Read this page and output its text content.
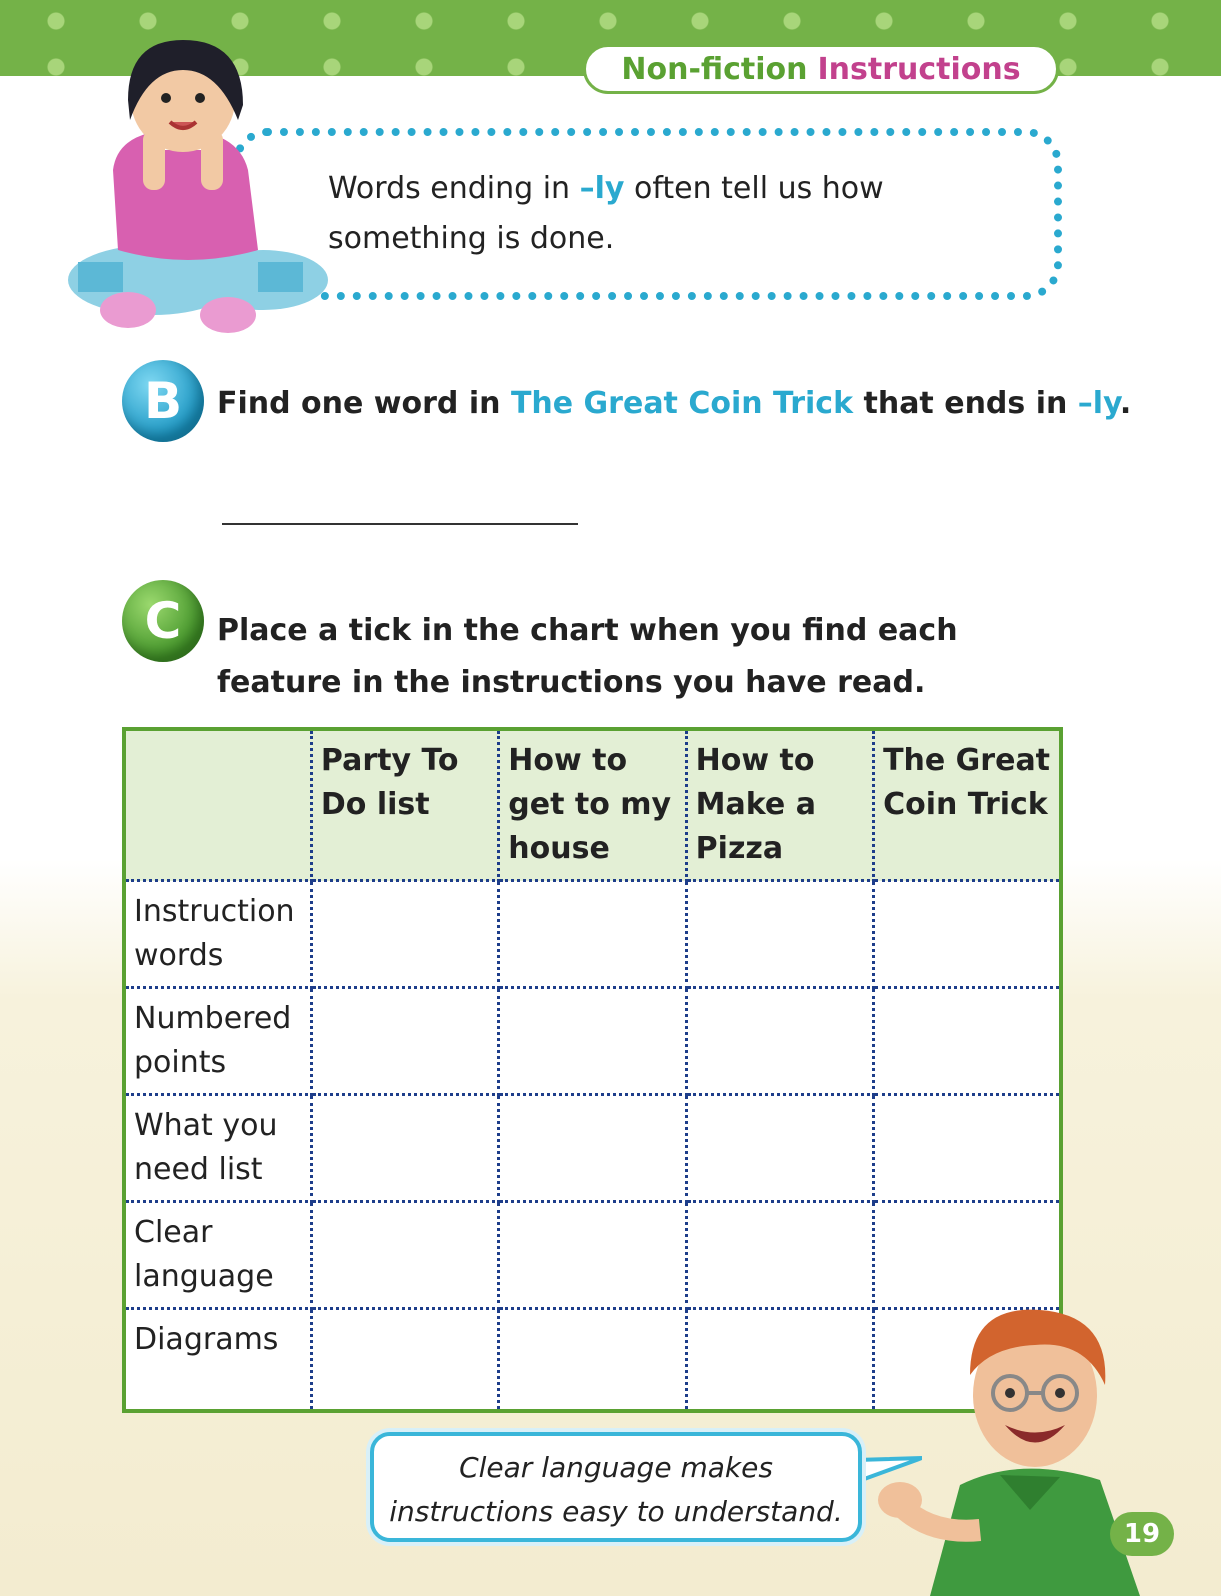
Non-fiction Instructions
Words ending in –ly often tell us how something is done.
B	Find one word in The Great Coin Trick that ends in –ly.
C	Place a tick in the chart when you find each feature in the instructions you have read.
	Party To Do list	How to get to my house	How to Make a Pizza	The Great Coin Trick
Instruction words				
Numbered points				
What you need list				
Clear language				
Diagrams				
Clear language makes instructions easy to understand.
19
